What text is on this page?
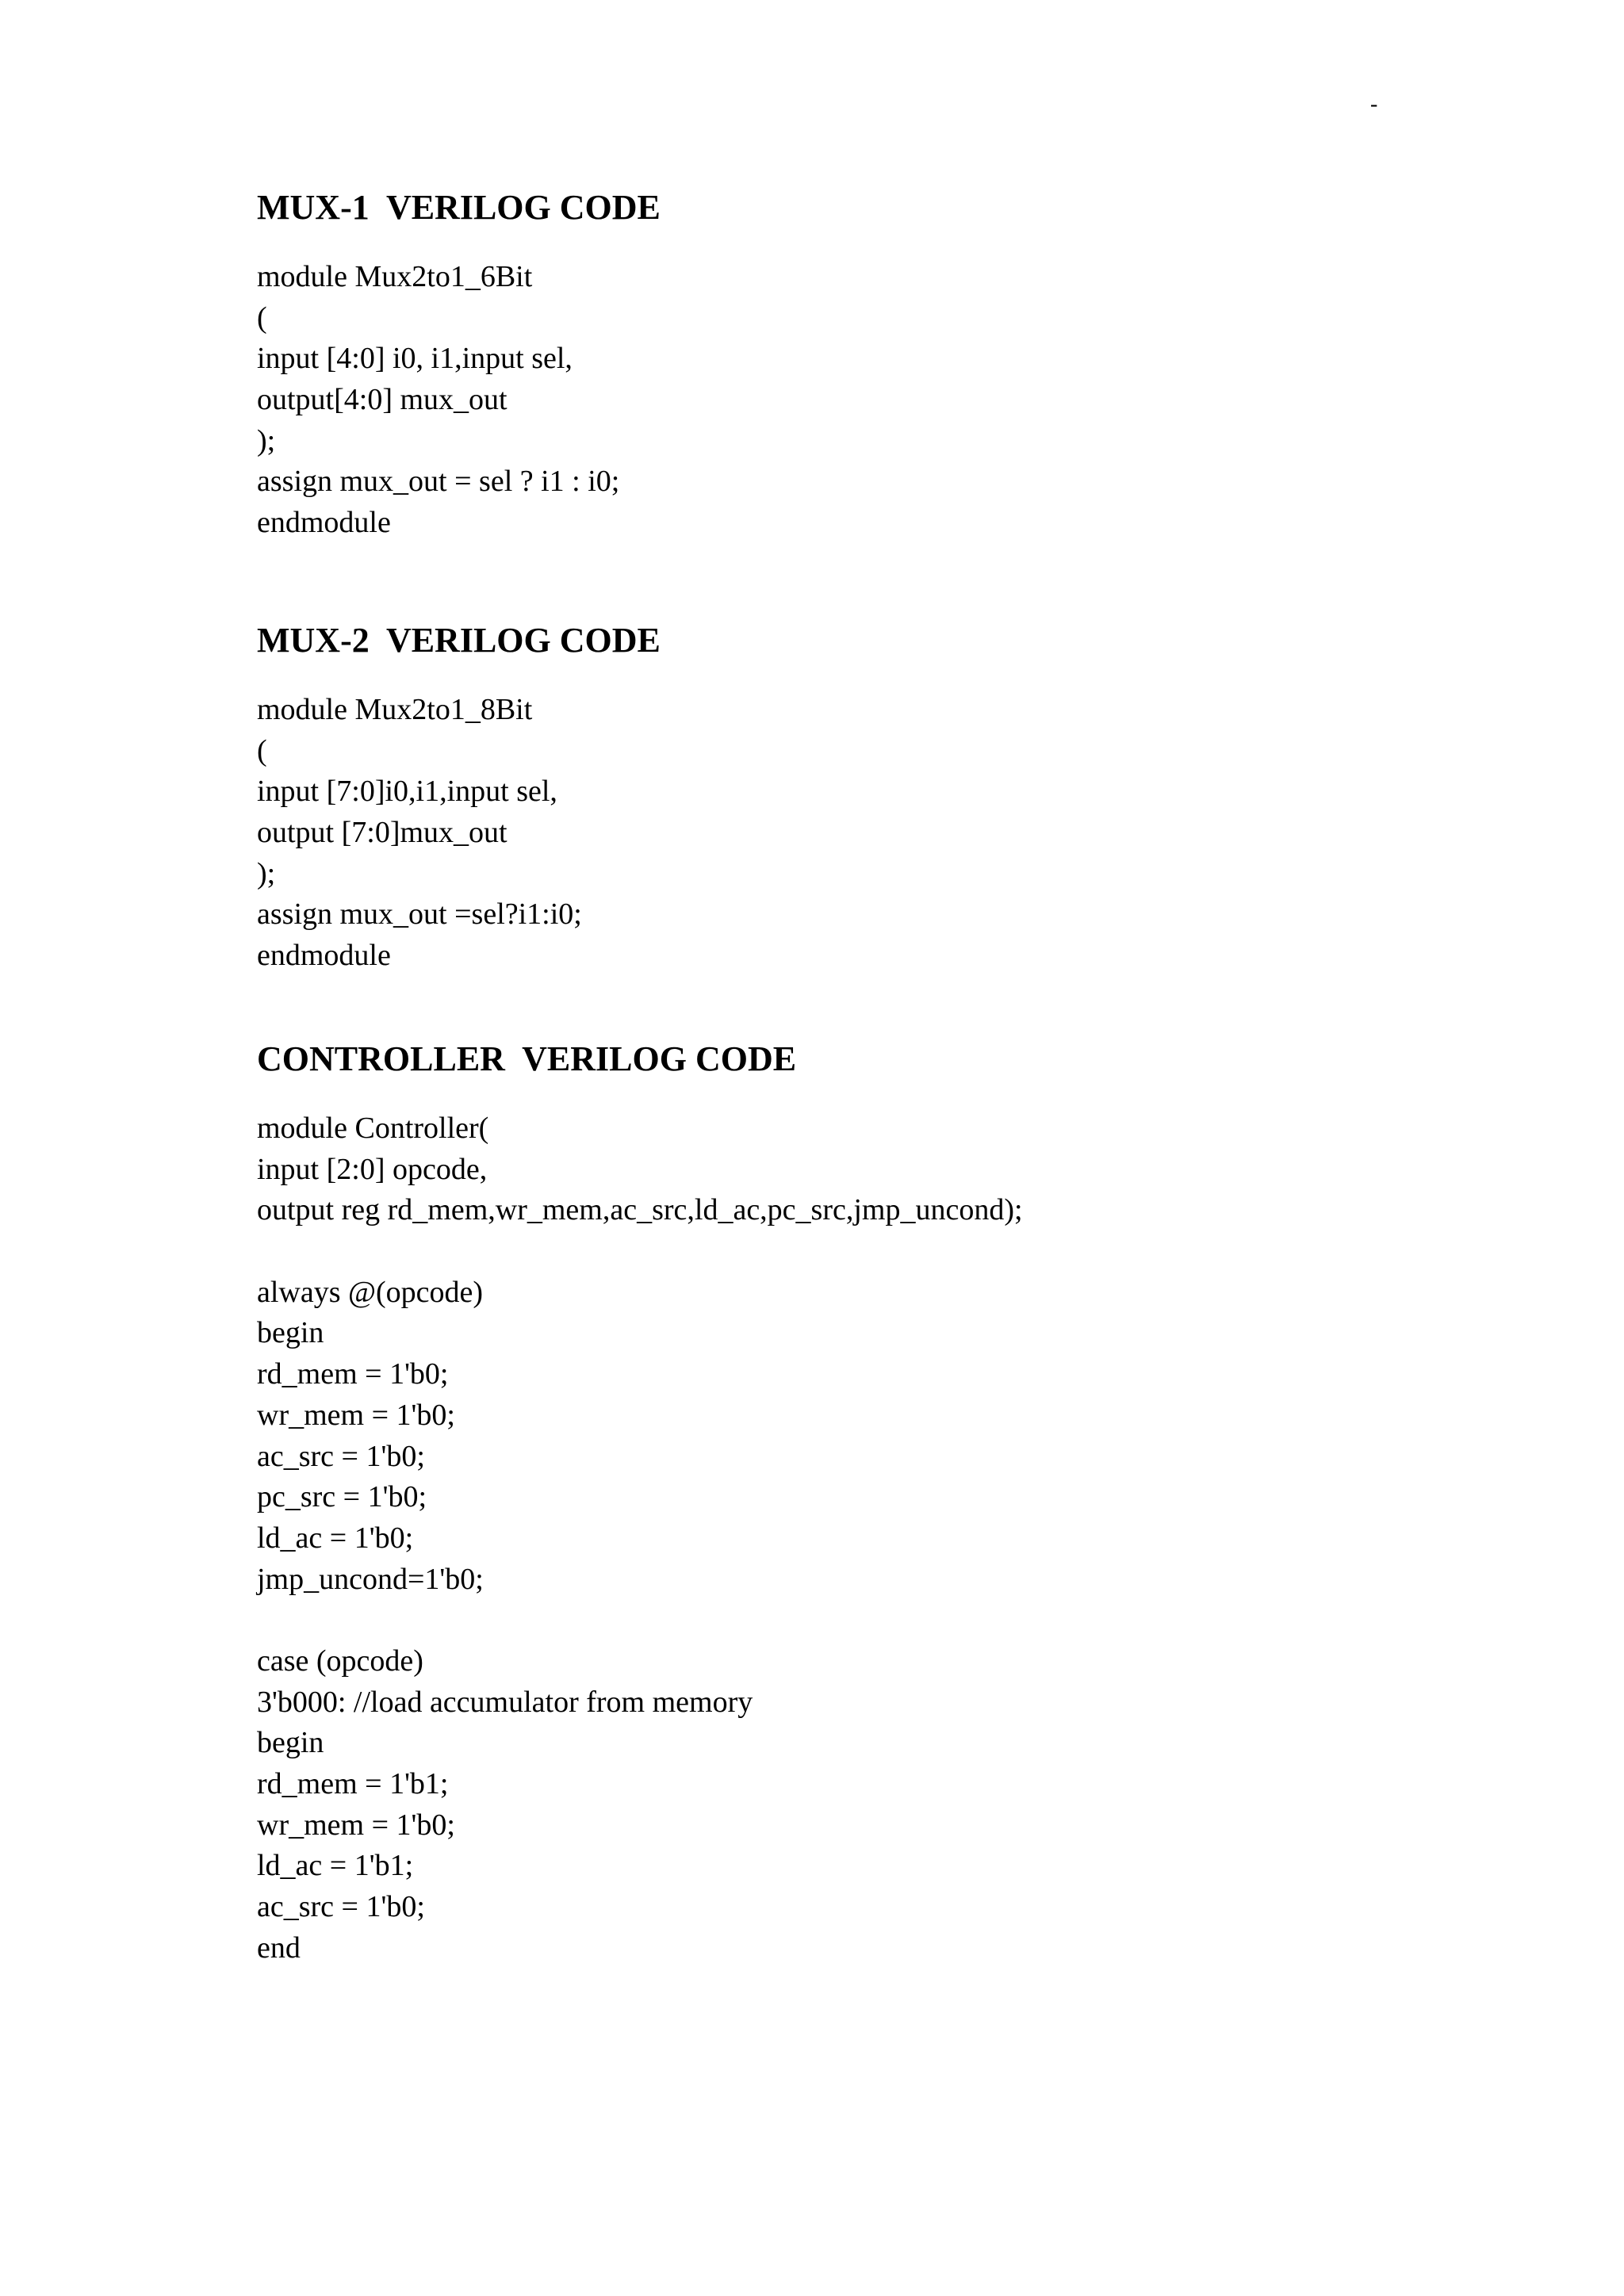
-
MUX-1  VERILOG CODE
module Mux2to1_6Bit
(
input [4:0] i0, i1,input sel,
output[4:0] mux_out
);
assign mux_out = sel ? i1 : i0;
endmodule
MUX-2  VERILOG CODE
module Mux2to1_8Bit
(
input [7:0]i0,i1,input sel,
output [7:0]mux_out
);
assign mux_out =sel?i1:i0;
endmodule
CONTROLLER  VERILOG CODE
module Controller(
input [2:0] opcode,
output reg rd_mem,wr_mem,ac_src,ld_ac,pc_src,jmp_uncond);
always @(opcode)
begin
rd_mem = 1'b0;
wr_mem = 1'b0;
ac_src = 1'b0;
pc_src = 1'b0;
ld_ac = 1'b0;
jmp_uncond=1'b0;
case (opcode)
3'b000: //load accumulator from memory
begin
rd_mem = 1'b1;
wr_mem = 1'b0;
ld_ac = 1'b1;
ac_src = 1'b0;
end
